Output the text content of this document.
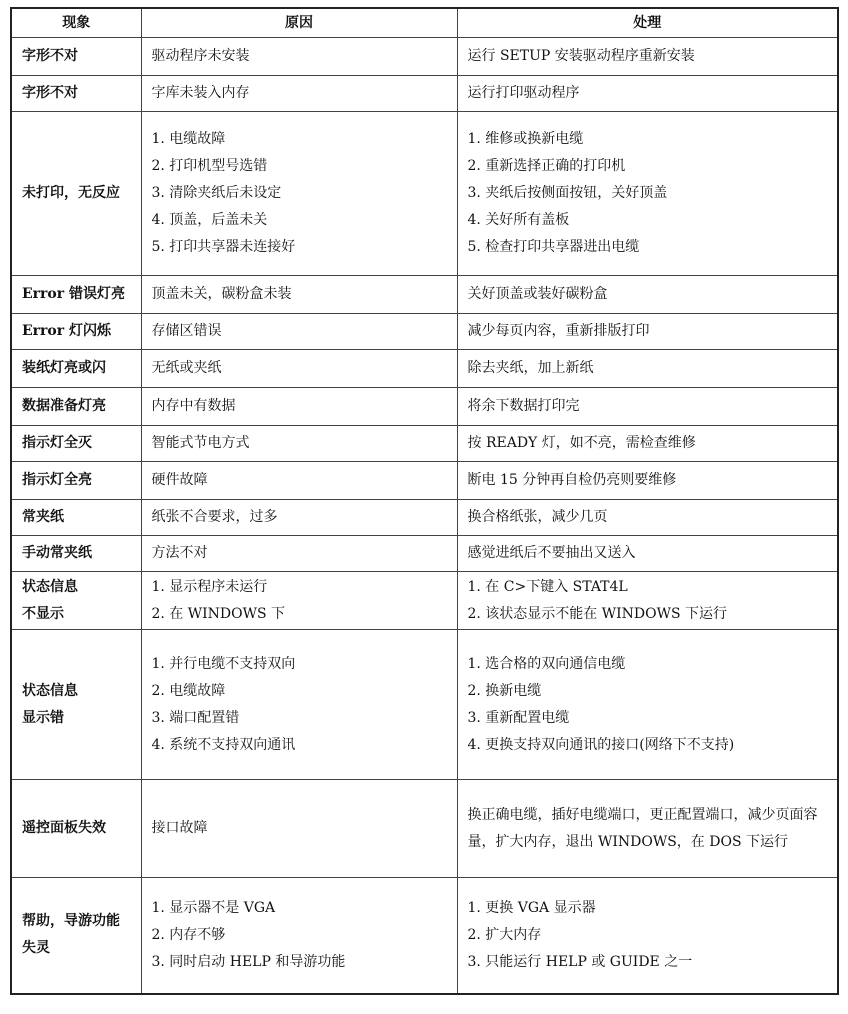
现象	原因	处理

字形不对	驱动程序未安装	运行 SETUP 安装驱动程序重新安装

字形不对	字库未装入内存	运行打印驱动程序

未打印，无反应	1. 电缆故障
2. 打印机型号选错
3. 清除夹纸后未设定
4. 顶盖，后盖未关
5. 打印共享器未连接好	1. 维修或换新电缆
2. 重新选择正确的打印机
3. 夹纸后按侧面按钮，关好顶盖
4. 关好所有盖板
5. 检查打印共享器进出电缆

Error 错误灯亮	顶盖未关，碳粉盒未装	关好顶盖或装好碳粉盒

Error 灯闪烁	存储区错误	减少每页内容，重新排版打印

装纸灯亮或闪	无纸或夹纸	除去夹纸，加上新纸

数据准备灯亮	内存中有数据	将余下数据打印完

指示灯全灭	智能式节电方式	按 READY 灯，如不亮，需检查维修

指示灯全亮	硬件故障	断电 15 分钟再自检仍亮则要维修

常夹纸	纸张不合要求，过多	换合格纸张，减少几页

手动常夹纸	方法不对	感觉进纸后不要抽出又送入

状态信息
不显示	1. 显示程序未运行
2. 在 WINDOWS 下	1. 在 C>下键入 STAT4L
2. 该状态显示不能在 WINDOWS 下运行

状态信息
显示错	1. 并行电缆不支持双向
2. 电缆故障
3. 端口配置错
4. 系统不支持双向通讯	1. 选合格的双向通信电缆
2. 换新电缆
3. 重新配置电缆
4. 更换支持双向通讯的接口(网络下不支持)

遥控面板失效	接口故障	换正确电缆，插好电缆端口，更正配置端口，减少页面容量，扩大内存，退出 WINDOWS，在 DOS 下运行

帮助，导游功能
失灵	1. 显示器不是 VGA
2. 内存不够
3. 同时启动 HELP 和导游功能	1. 更换 VGA 显示器
2. 扩大内存
3. 只能运行 HELP 或 GUIDE 之一
